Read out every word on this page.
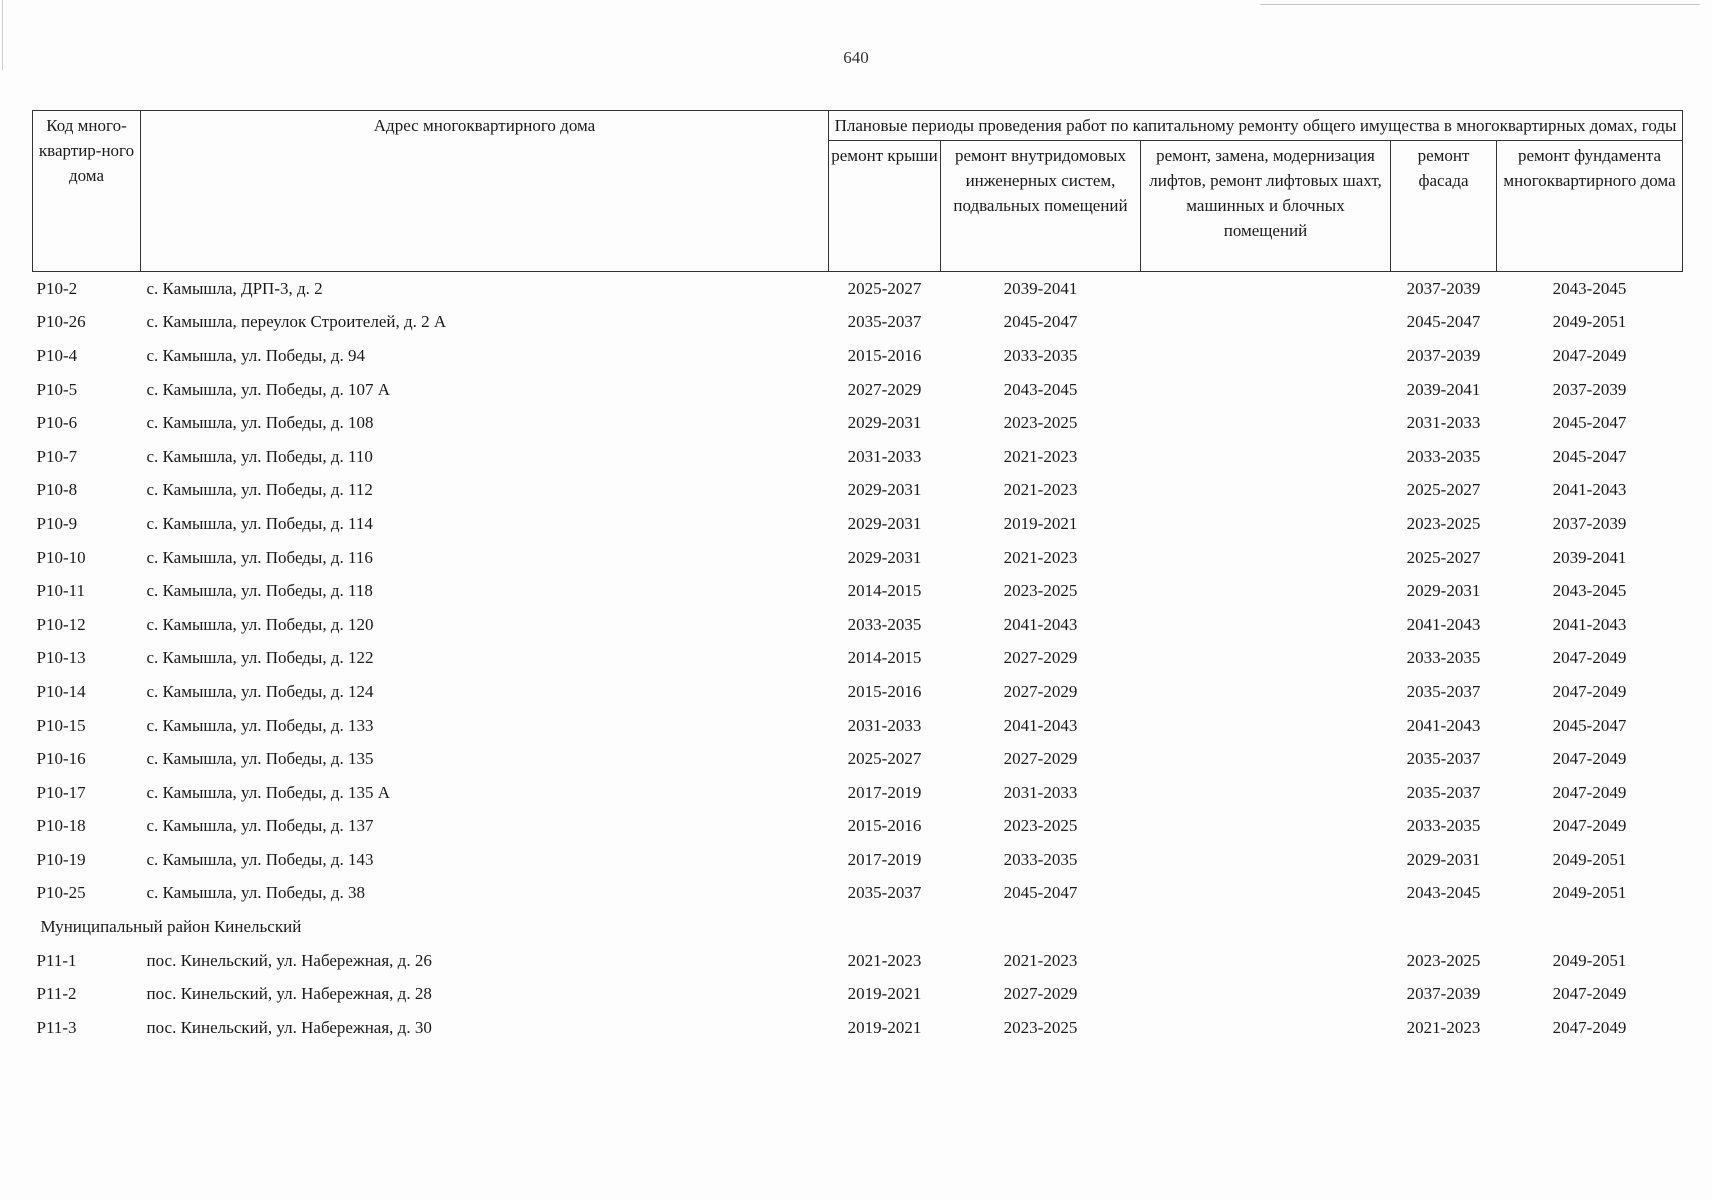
640
Код много-квартир-ного дома	Адрес многоквартирного дома	Плановые периоды проведения работ по капитальному ремонту общего имущества в многоквартирных домах, годы				
		ремонт крыши	ремонт внутридомовых инженерных систем, подвальных помещений	ремонт, замена, модернизация лифтов, ремонт лифтовых шахт, машинных и блочных помещений	ремонт фасада	ремонт фундамента многоквартирного дома
P10-2	с. Камышла, ДРП-3, д. 2	2025-2027	2039-2041		2037-2039	2043-2045
P10-26	с. Камышла, переулок Строителей, д. 2 А	2035-2037	2045-2047		2045-2047	2049-2051
P10-4	с. Камышла, ул. Победы, д. 94	2015-2016	2033-2035		2037-2039	2047-2049
P10-5	с. Камышла, ул. Победы, д. 107 А	2027-2029	2043-2045		2039-2041	2037-2039
P10-6	с. Камышла, ул. Победы, д. 108	2029-2031	2023-2025		2031-2033	2045-2047
P10-7	с. Камышла, ул. Победы, д. 110	2031-2033	2021-2023		2033-2035	2045-2047
P10-8	с. Камышла, ул. Победы, д. 112	2029-2031	2021-2023		2025-2027	2041-2043
P10-9	с. Камышла, ул. Победы, д. 114	2029-2031	2019-2021		2023-2025	2037-2039
P10-10	с. Камышла, ул. Победы, д. 116	2029-2031	2021-2023		2025-2027	2039-2041
P10-11	с. Камышла, ул. Победы, д. 118	2014-2015	2023-2025		2029-2031	2043-2045
P10-12	с. Камышла, ул. Победы, д. 120	2033-2035	2041-2043		2041-2043	2041-2043
P10-13	с. Камышла, ул. Победы, д. 122	2014-2015	2027-2029		2033-2035	2047-2049
P10-14	с. Камышла, ул. Победы, д. 124	2015-2016	2027-2029		2035-2037	2047-2049
P10-15	с. Камышла, ул. Победы, д. 133	2031-2033	2041-2043		2041-2043	2045-2047
P10-16	с. Камышла, ул. Победы, д. 135	2025-2027	2027-2029		2035-2037	2047-2049
P10-17	с. Камышла, ул. Победы, д. 135 А	2017-2019	2031-2033		2035-2037	2047-2049
P10-18	с. Камышла, ул. Победы, д. 137	2015-2016	2023-2025		2033-2035	2047-2049
P10-19	с. Камышла, ул. Победы, д. 143	2017-2019	2033-2035		2029-2031	2049-2051
P10-25	с. Камышла, ул. Победы, д. 38	2035-2037	2045-2047		2043-2045	2049-2051
Муниципальный район Кинельский						
P11-1	пос. Кинельский, ул. Набережная, д. 26	2021-2023	2021-2023		2023-2025	2049-2051
P11-2	пос. Кинельский, ул. Набережная, д. 28	2019-2021	2027-2029		2037-2039	2047-2049
P11-3	пос. Кинельский, ул. Набережная, д. 30	2019-2021	2023-2025		2021-2023	2047-2049
